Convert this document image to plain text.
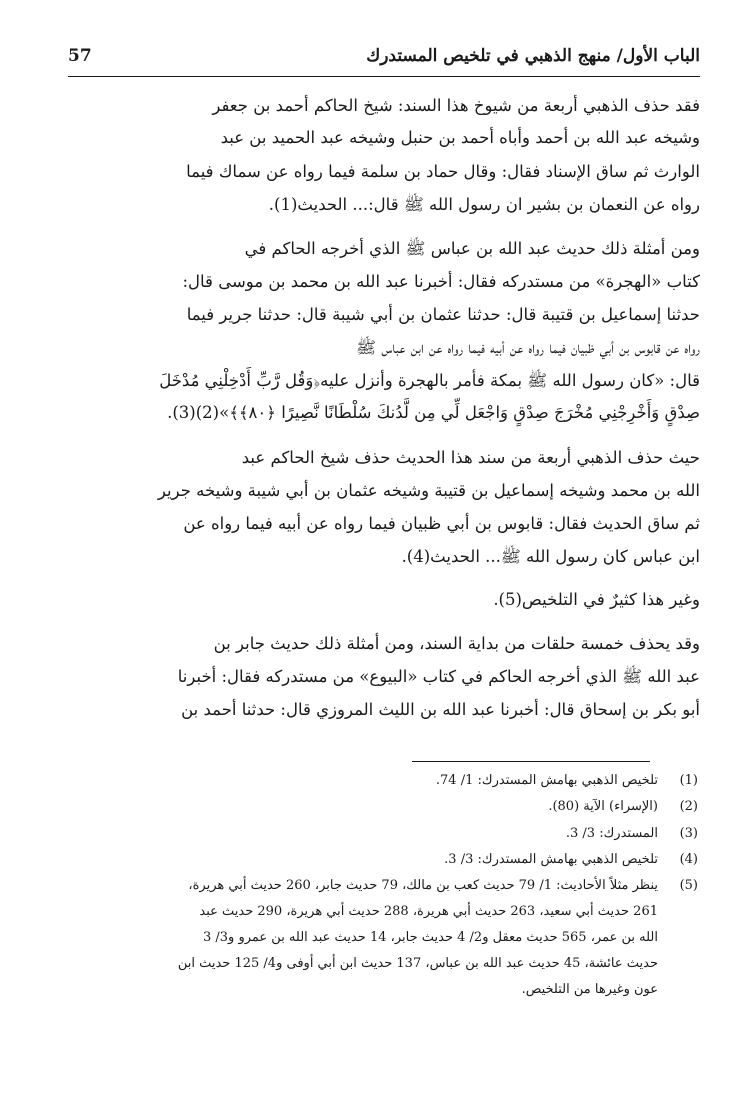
الباب الأول/ منهج الذهبي في تلخيص المستدرك
57
فقد حذف الذهبي أربعة من شيوخ هذا السند: شيخ الحاكم أحمد بن جعفر
وشيخه عبد الله بن أحمد وأباه أحمد بن حنبل وشيخه عبد الحميد بن عبد
الوارث ثم ساق الإسناد فقال: وقال حماد بن سلمة فيما رواه عن سماك فيما
رواه عن النعمان بن بشير ان رسول الله ﷺ قال:... الحديث(1).
ومن أمثلة ذلك حديث عبد الله بن عباس ﷺ الذي أخرجه الحاكم في
كتاب «الهجرة» من مستدركه فقال: أخبرنا عبد الله بن محمد بن موسى قال:
حدثنا إسماعيل بن قتيبة قال: حدثنا عثمان بن أبي شيبة قال: حدثنا جرير فيما
رواه عن قابوس بن أبي ظبيان فيما رواه عن أبيه فيما رواه عن ابن عباس ﷺ
قال: «كان رسول الله ﷺ بمكة فأمر بالهجرة وأنزل عليه﴿وَقُل رَّبِّ أَدْخِلْنِي مُدْخَلَ
صِدْقٍ وَأَخْرِجْنِي مُخْرَجَ صِدْقٍ وَاجْعَل لِّي مِن لَّدُنكَ سُلْطَانًا نَّصِيرًا ﴿٨٠﴾﴾»(2)(3).
حيث حذف الذهبي أربعة من سند هذا الحديث حذف شيخ الحاكم عبد
الله بن محمد وشيخه إسماعيل بن قتيبة وشيخه عثمان بن أبي شيبة وشيخه جرير
ثم ساق الحديث فقال: قابوس بن أبي ظبيان فيما رواه عن أبيه فيما رواه عن
ابن عباس كان رسول الله ﷺ... الحديث(4).
وغير هذا كثيرٌ في التلخيص(5).
وقد يحذف خمسة حلقات من بداية السند، ومن أمثلة ذلك حديث جابر بن
عبد الله ﷺ الذي أخرجه الحاكم في كتاب «البيوع» من مستدركه فقال: أخبرنا
أبو بكر بن إسحاق قال: أخبرنا عبد الله بن الليث المروزي قال: حدثنا أحمد بن
(1)
تلخيص الذهبي بهامش المستدرك: 1/ 74.
(2)
(الإسراء) الآية (80).
(3)
المستدرك: 3/ 3.
(4)
تلخيص الذهبي بهامش المستدرك: 3/ 3.
(5)
ينظر مثلاً الأحاديث: 1/ 79 حديث كعب بن مالك، 79 حديث جابر، 260 حديث أبي هريرة،
261 حديث أبي سعيد، 263 حديث أبي هريرة، 288 حديث أبي هريرة، 290 حديث عبد
الله بن عمر، 565 حديث معقل و2/ 4 حديث جابر، 14 حديث عبد الله بن عمرو و3/ 3
حديث عائشة، 45 حديث عبد الله بن عباس، 137 حديث ابن أبي أوفى و4/ 125 حديث ابن
عون وغيرها من التلخيص.
